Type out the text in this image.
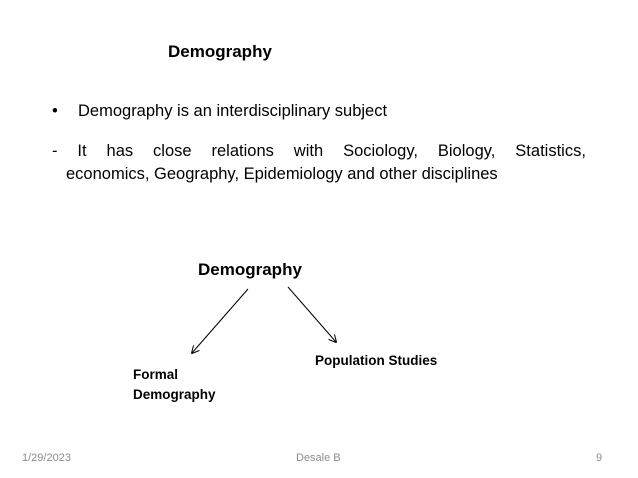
Demography
• Demography is an interdisciplinary subject
- It has close relations with Sociology, Biology, Statistics,
economics, Geography, Epidemiology and other disciplines
Demography
Formal
Demography
Population Studies
1/29/2023	Desale B	9
